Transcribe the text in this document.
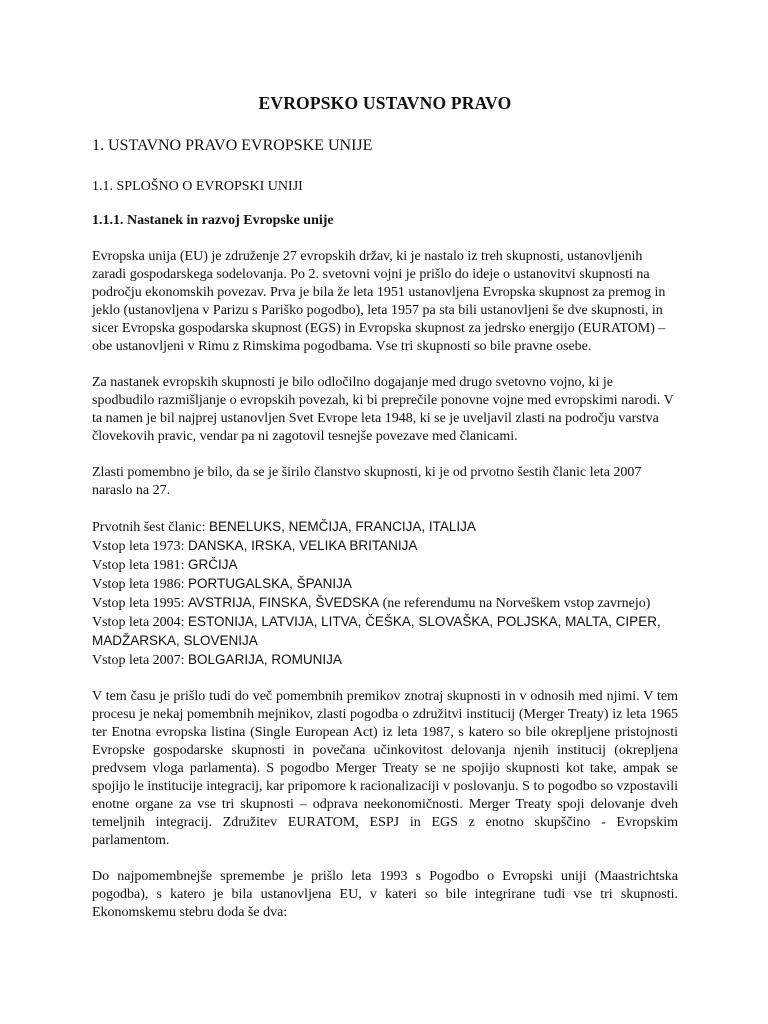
EVROPSKO USTAVNO PRAVO
1. USTAVNO PRAVO EVROPSKE UNIJE
1.1. SPLOŠNO O EVROPSKI UNIJI
1.1.1. Nastanek in razvoj Evropske unije

Evropska unija (EU) je združenje 27 evropskih držav, ki je nastalo iz treh skupnosti, ustanovljenih zaradi gospodarskega sodelovanja. Po 2. svetovni vojni je prišlo do ideje o ustanovitvi skupnosti na področju ekonomskih povezav. Prva je bila že leta 1951 ustanovljena Evropska skupnost za premog in jeklo (ustanovljena v Parizu s Pariško pogodbo), leta 1957 pa sta bili ustanovljeni še dve skupnosti, in sicer Evropska gospodarska skupnost (EGS) in Evropska skupnost za jedrsko energijo (EURATOM) – obe ustanovljeni v Rimu z Rimskima pogodbama. Vse tri skupnosti so bile pravne osebe.

Za nastanek evropskih skupnosti je bilo odločilno dogajanje med drugo svetovno vojno, ki je spodbudilo razmišljanje o evropskih povezah, ki bi preprečile ponovne vojne med evropskimi narodi. V ta namen je bil najprej ustanovljen Svet Evrope leta 1948, ki se je uveljavil zlasti na področju varstva človekovih pravic, vendar pa ni zagotovil tesnejše povezave med članicami.

Zlasti pomembno je bilo, da se je širilo članstvo skupnosti, ki je od prvotno šestih članic leta 2007 naraslo na 27.

Prvotnih šest članic: BENELUKS, NEMČIJA, FRANCIJA, ITALIJA
Vstop leta 1973: DANSKA, IRSKA, VELIKA BRITANIJA
Vstop leta 1981: GRČIJA
Vstop leta 1986: PORTUGALSKA, ŠPANIJA
Vstop leta 1995: AVSTRIJA, FINSKA, ŠVEDSKA (ne referendumu na Norveškem vstop zavrnejo)
Vstop leta 2004: ESTONIJA, LATVIJA, LITVA, ČEŠKA, SLOVAŠKA, POLJSKA, MALTA, CIPER, MADŽARSKA, SLOVENIJA
Vstop leta 2007: BOLGARIJA, ROMUNIJA

V tem času je prišlo tudi do več pomembnih premikov znotraj skupnosti in v odnosih med njimi. V tem procesu je nekaj pomembnih mejnikov, zlasti pogodba o združitvi institucij (Merger Treaty) iz leta 1965 ter Enotna evropska listina (Single European Act) iz leta 1987, s katero so bile okrepljene pristojnosti Evropske gospodarske skupnosti in povečana učinkovitost delovanja njenih institucij (okrepljena predvsem vloga parlamenta). S pogodbo Merger Treaty se ne spojijo skupnosti kot take, ampak se spojijo le institucije integracij, kar pripomore k racionalizaciji v poslovanju. S to pogodbo so vzpostavili enotne organe za vse tri skupnosti – odprava neekonomičnosti. Merger Treaty spoji delovanje dveh temeljnih integracij. Združitev EURATOM, ESPJ in EGS z enotno skupščino - Evropskim parlamentom.

Do najpomembnejše spremembe je prišlo leta 1993 s Pogodbo o Evropski uniji (Maastrichtska pogodba), s katero je bila ustanovljena EU, v kateri so bile integrirane tudi vse tri skupnosti. Ekonomskemu stebru doda še dva:
